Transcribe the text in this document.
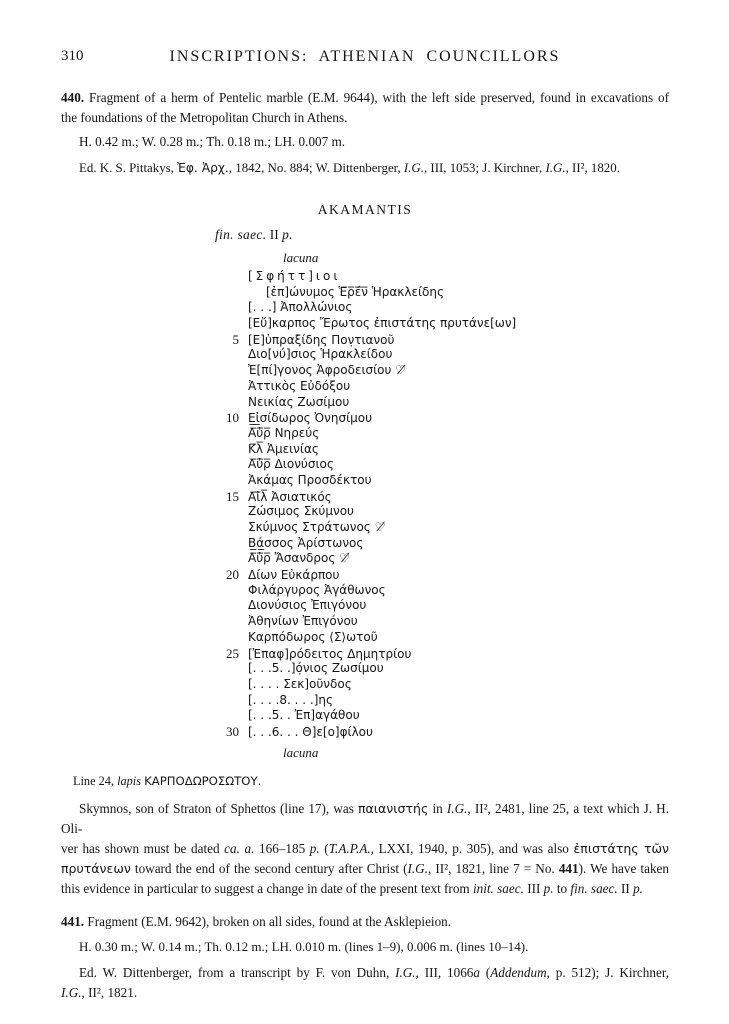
310	INSCRIPTIONS: ATHENIAN COUNCILLORS
440. Fragment of a herm of Pentelic marble (E.M. 9644), with the left side preserved, found in excavations of
the foundations of the Metropolitan Church in Athens.
H. 0.42 m.; W. 0.28 m.; Th. 0.18 m.; LH. 0.007 m.
Ed. K. S. Pittakys, Ἐφ. Ἀρχ., 1842, No. 884; W. Dittenberger, I.G., III, 1053; J. Kirchner, I.G., II², 1820.
AKAMANTIS
fin. saec. II p.
lacuna
[Σφήττ]ιοι
[ἐπ]ώνυμος Ἑ̅ρ̅έ̅ν̅ Ἡρακλείδης
[. . .] Ἀπολλώνιος
[Εὔ]καρπος Ἔρωτος ἐπιστάτης πρυτάνε[ων]
5 [Ε]ὐπραξίδης Πον̣τιανοῦ
Διο[νύ]σιος Ἡρακλείδου
Ἐ[πί]γονος Ἀφροδεισίου ♡̸
Ἀττικὸς Εὐδόξου
Νεικίας Ζωσίμου
10 Ε̲ἰ̲σίδωρος Ὀνησίμου
Α̅ὐ̅ρ̅ Νηρεύς
Κ̅λ̅ Ἀμεινίας
Α̅ὐ̅ρ̅ Διονύσιος
Ἀκάμας Προσδέκτου
15 Α̅ἰ̅λ̅ Ἀσιατικός
Ζώσιμος Σκύμνου
Σκύμνος Στράτωνος ♡̸
Β̲ά̲σσος Ἀρίστωνος
Α̅ὐ̅ρ̅ Ἄσανδρος ♡̸
20 Δίων Εὐκάρπου
Φιλάργυρος Ἀγάθωνος
Διονύσιος Ἐπιγόνου
Ἀθηνίων Ἐπιγόνου
Καρπόδωρος ⟨Σ⟩ωτοῦ
25 [Ἐπαφ]ρόδειτος Δημητρίου
[. . .5. .]ό̣νιος Ζωσίμου
[. . . . Σεκ]οῦνδος
[. . . .8. . . .]ης
[. . .5. . Ἐπ]αγάθου
30 [. . .6. . . Θ]ε[ο]φίλου
lacuna
Line 24, lapis ΚΑΡΠΟΔΩΡΟΣΩΤΟΥ.
Skymnos, son of Straton of Sphettos (line 17), was παιανιστής in I.G., II², 2481, line 25, a text which J. H. Oli-
ver has shown must be dated ca. a. 166–185 p. (T.A.P.A., LXXI, 1940, p. 305), and was also ἐπιστάτης τῶν
πρυτάνεων toward the end of the second century after Christ (I.G., II², 1821, line 7 = No. 441). We have taken
this evidence in particular to suggest a change in date of the present text from init. saec. III p. to fin. saec. II p.
441. Fragment (E.M. 9642), broken on all sides, found at the Asklepieion.
H. 0.30 m.; W. 0.14 m.; Th. 0.12 m.; LH. 0.010 m. (lines 1–9), 0.006 m. (lines 10–14).
Ed. W. Dittenberger, from a transcript by F. von Duhn, I.G., III, 1066a (Addendum, p. 512); J. Kirchner,
I.G., II², 1821.
